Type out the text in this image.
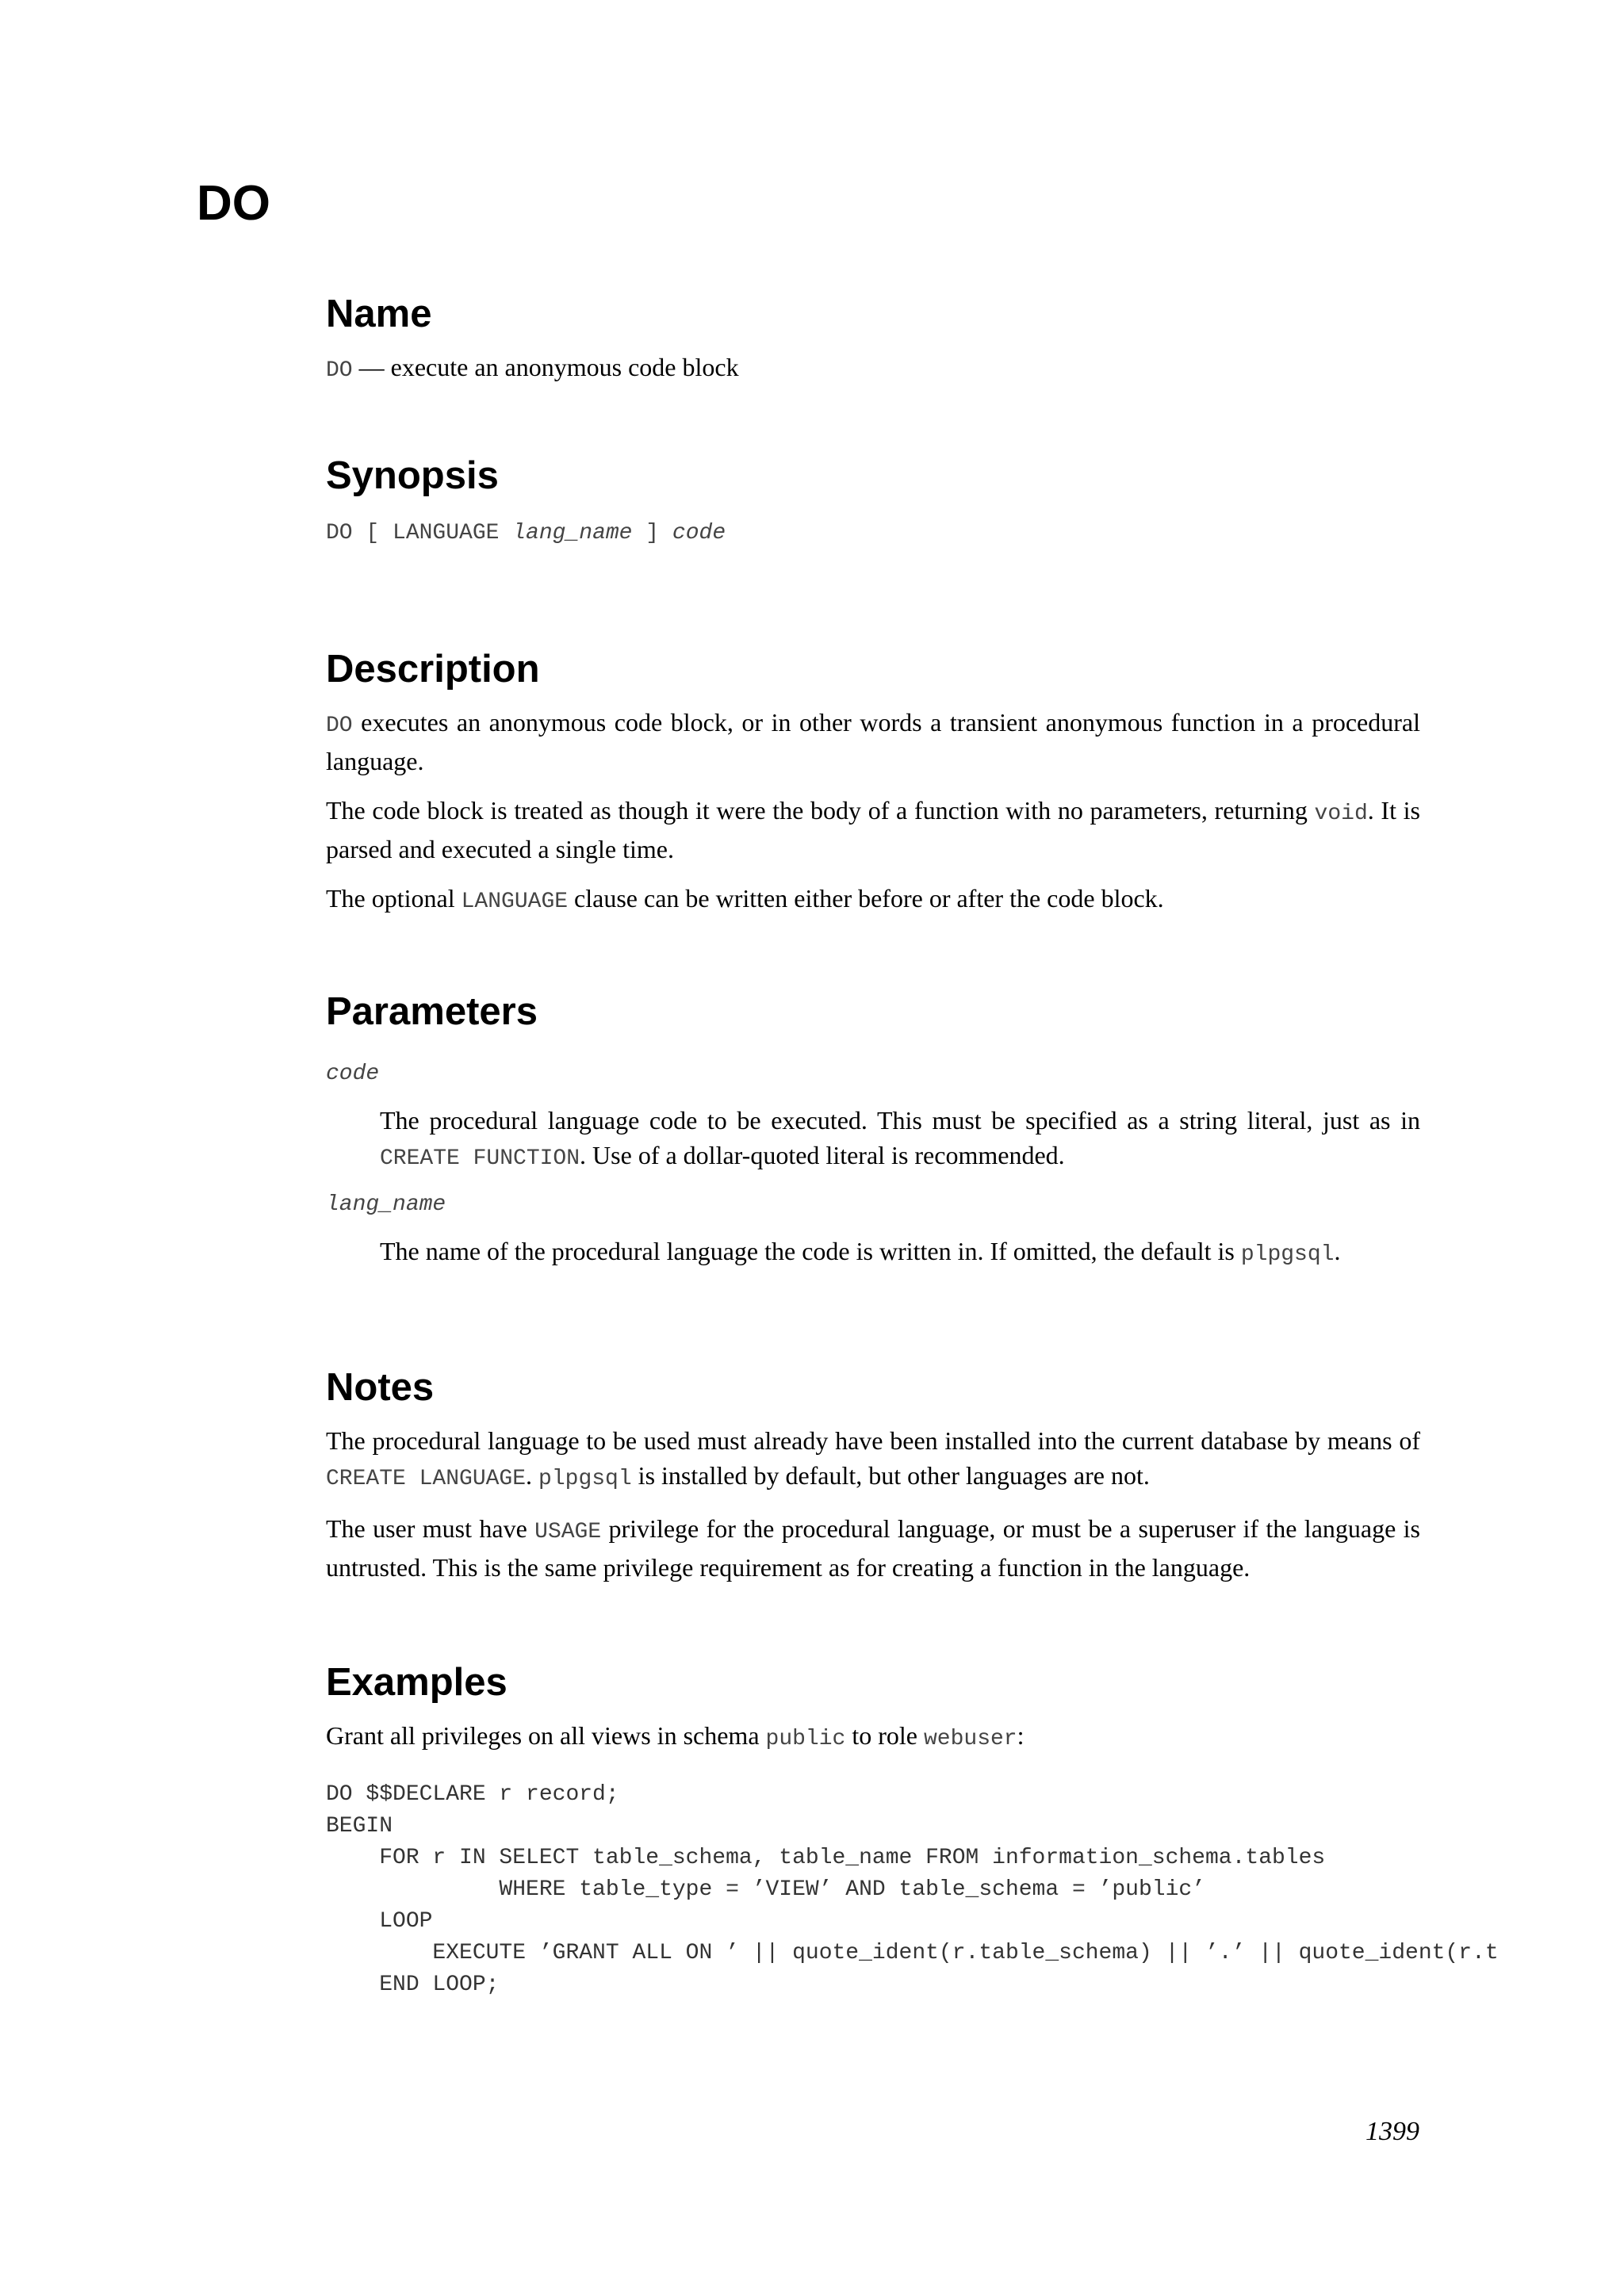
DO
Name

DO — execute an anonymous code block

Synopsis

DO [ LANGUAGE lang_name ] code

Description

DO executes an anonymous code block, or in other words a transient anonymous function in a procedural language.

The code block is treated as though it were the body of a function with no parameters, returning void. It is parsed and executed a single time.

The optional LANGUAGE clause can be written either before or after the code block.

Parameters
code

The procedural language code to be executed. This must be specified as a string literal, just as in CREATE FUNCTION. Use of a dollar-quoted literal is recommended.

lang_name

The name of the procedural language the code is written in. If omitted, the default is plpgsql.

Notes

The procedural language to be used must already have been installed into the current database by means of CREATE LANGUAGE. plpgsql is installed by default, but other languages are not.

The user must have USAGE privilege for the procedural language, or must be a superuser if the language is untrusted. This is the same privilege requirement as for creating a function in the language.

Examples

Grant all privileges on all views in schema public to role webuser:

DO $$DECLARE r record;
BEGIN
FOR r IN SELECT table_schema, table_name FROM information_schema.tables
WHERE table_type = ’VIEW’ AND table_schema = ’public’
LOOP
EXECUTE ’GRANT ALL ON ’ || quote_ident(r.table_schema) || ’.’ || quote_ident(r.t
END LOOP;
1399
